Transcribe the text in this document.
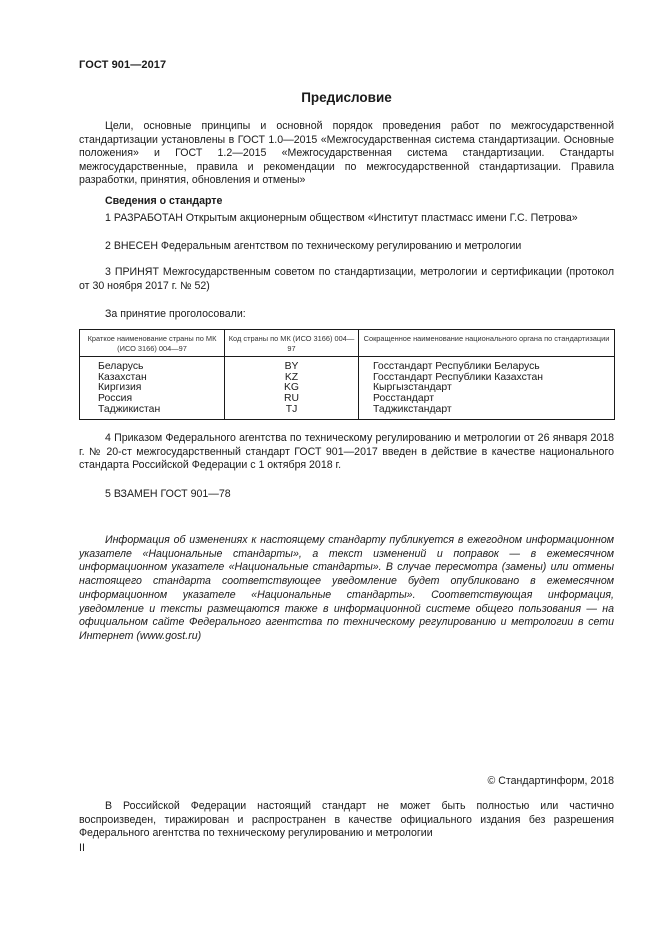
ГОСТ 901—2017
Предисловие
Цели, основные принципы и основной порядок проведения работ по межгосударственной стандартизации установлены в ГОСТ 1.0—2015 «Межгосударственная система стандартизации. Основные положения» и ГОСТ 1.2—2015 «Межгосударственная система стандартизации. Стандарты межгосударственные, правила и рекомендации по межгосударственной стандартизации. Правила разработки, принятия, обновления и отмены»
Сведения о стандарте
1 РАЗРАБОТАН Открытым акционерным обществом «Институт пластмасс имени Г.С. Петрова»
2 ВНЕСЕН Федеральным агентством по техническому регулированию и метрологии
3 ПРИНЯТ Межгосударственным советом по стандартизации, метрологии и сертификации (протокол от 30 ноября 2017 г. № 52)
За принятие проголосовали:
Краткое наименование страны по МК (ИСО 3166) 004—97	Код страны по МК (ИСО 3166) 004—97	Сокращенное наименование национального органа по стандартизации
Беларусь	BY	Госстандарт Республики Беларусь
Казахстан	KZ	Госстандарт Республики Казахстан
Киргизия	KG	Кыргызстандарт
Россия	RU	Росстандарт
Таджикистан	TJ	Таджикстандарт
4 Приказом Федерального агентства по техническому регулированию и метрологии от 26 января 2018 г. № 20-ст межгосударственный стандарт ГОСТ 901—2017 введен в действие в качестве национального стандарта Российской Федерации с 1 октября 2018 г.
5 ВЗАМЕН ГОСТ 901—78
Информация об изменениях к настоящему стандарту публикуется в ежегодном информационном указателе «Национальные стандарты», а текст изменений и поправок — в ежемесячном информационном указателе «Национальные стандарты». В случае пересмотра (замены) или отмены настоящего стандарта соответствующее уведомление будет опубликовано в ежемесячном информационном указателе «Национальные стандарты». Соответствующая информация, уведомление и тексты размещаются также в информационной системе общего пользования — на официальном сайте Федерального агентства по техническому регулированию и метрологии в сети Интернет (www.gost.ru)
© Стандартинформ, 2018
В Российской Федерации настоящий стандарт не может быть полностью или частично воспроизведен, тиражирован и распространен в качестве официального издания без разрешения Федерального агентства по техническому регулированию и метрологии
II
